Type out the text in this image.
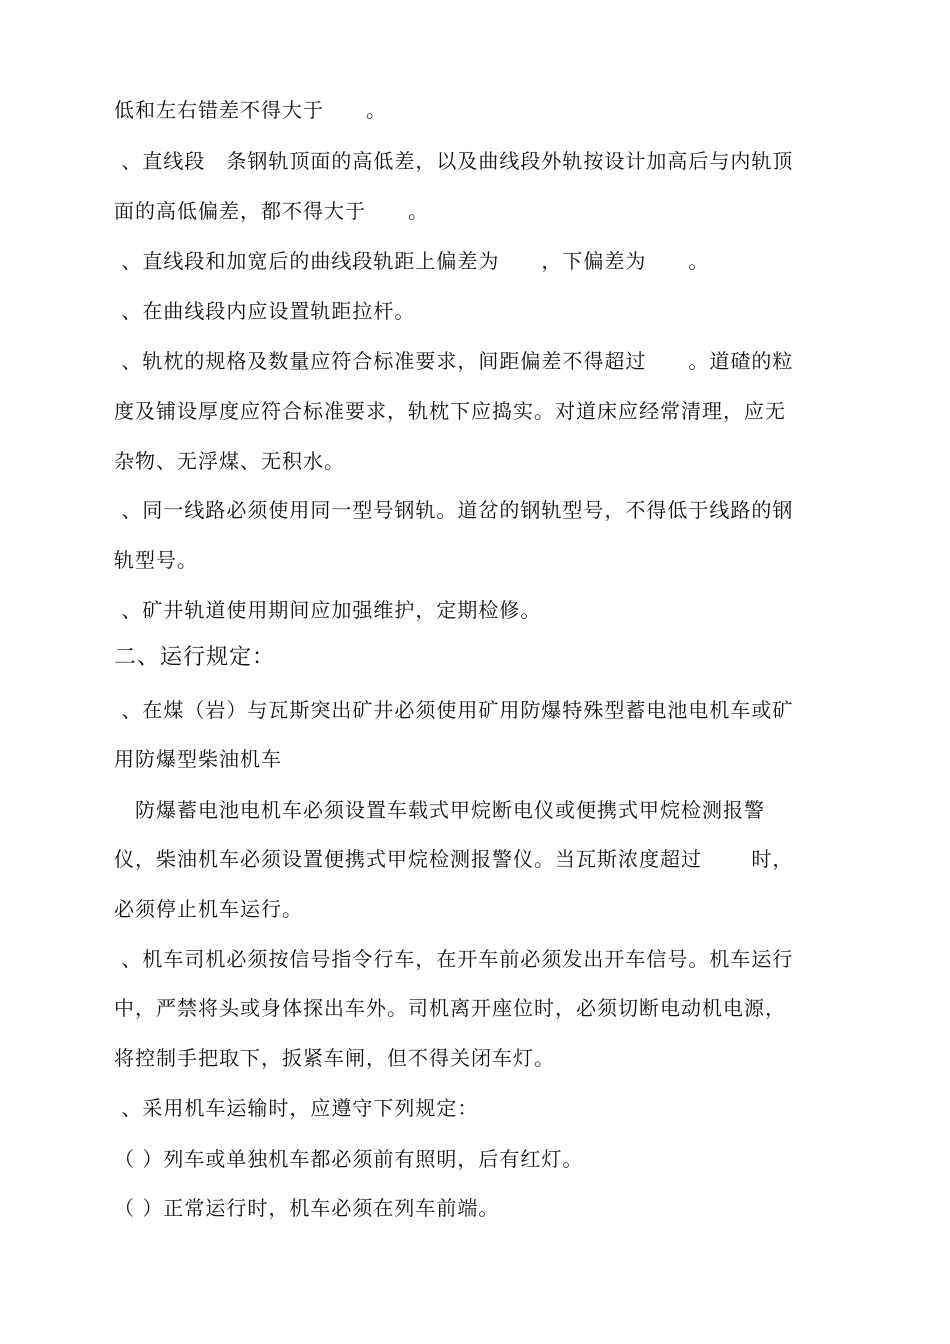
低和左右错差不得大于　　。
、直线段　条钢轨顶面的高低差，以及曲线段外轨按设计加高后与内轨顶
面的高低偏差，都不得大于　　。
、直线段和加宽后的曲线段轨距上偏差为　　，下偏差为　　。
、在曲线段内应设置轨距拉杆。
、轨枕的规格及数量应符合标准要求，间距偏差不得超过　　。道碴的粒
度及铺设厚度应符合标准要求，轨枕下应捣实。对道床应经常清理，应无
杂物、无浮煤、无积水。
、同一线路必须使用同一型号钢轨。道岔的钢轨型号，不得低于线路的钢
轨型号。
、矿井轨道使用期间应加强维护，定期检修。
二、运行规定：
、在煤（岩）与瓦斯突出矿井必须使用矿用防爆特殊型蓄电池电机车或矿
用防爆型柴油机车
　防爆蓄电池电机车必须设置车载式甲烷断电仪或便携式甲烷检测报警
仪，柴油机车必须设置便携式甲烷检测报警仪。当瓦斯浓度超过　　 时，
必须停止机车运行。
、机车司机必须按信号指令行车，在开车前必须发出开车信号。机车运行
中，严禁将头或身体探出车外。司机离开座位时，必须切断电动机电源，
将控制手把取下，扳紧车闸，但不得关闭车灯。
、采用机车运输时，应遵守下列规定：
（ ）列车或单独机车都必须前有照明，后有红灯。
（ ）正常运行时，机车必须在列车前端。
